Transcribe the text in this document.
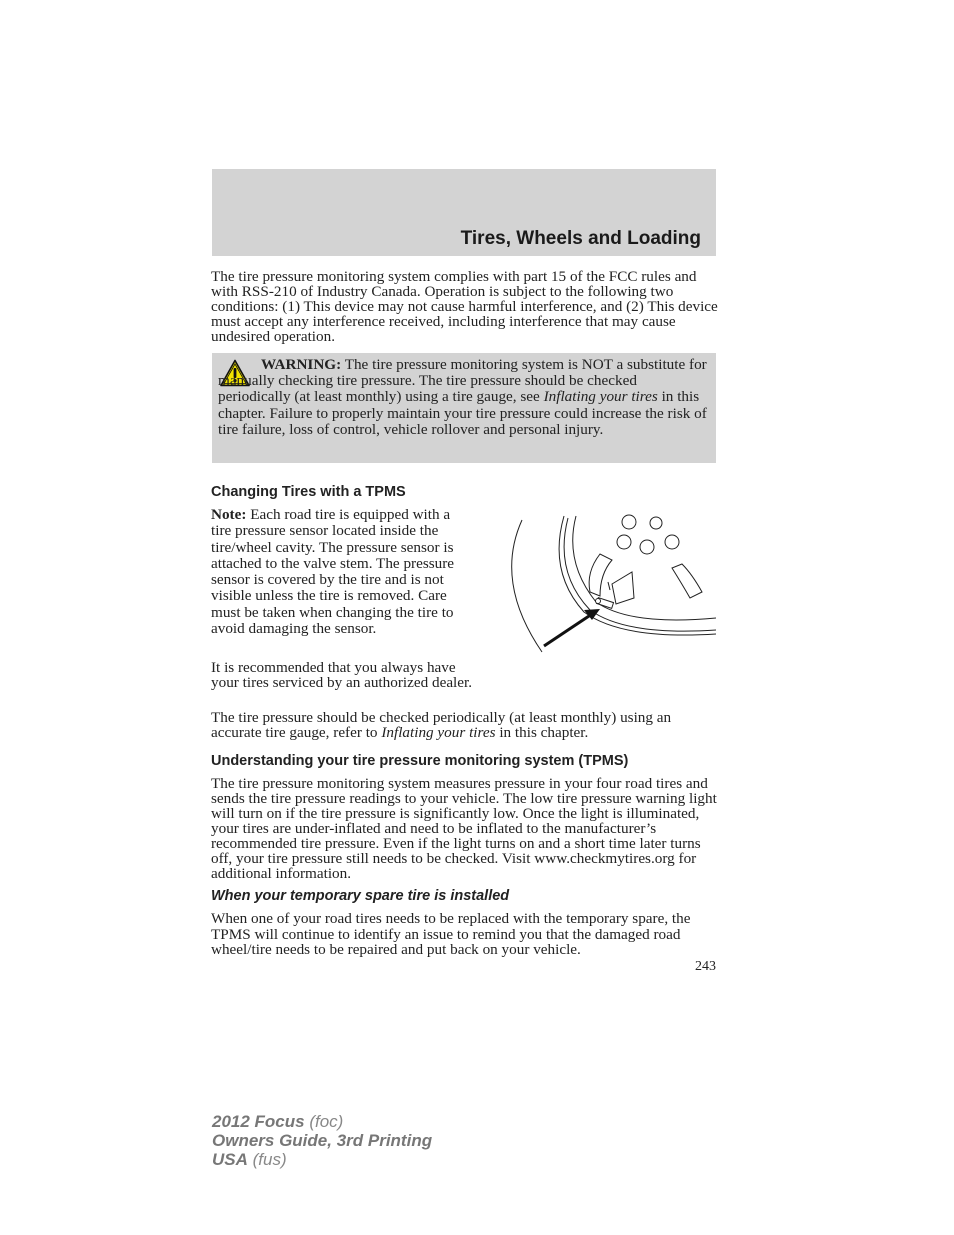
Tires, Wheels and Loading
The tire pressure monitoring system complies with part 15 of the FCC rules and with RSS-210 of Industry Canada. Operation is subject to the following two conditions: (1) This device may not cause harmful interference, and (2) This device must accept any interference received, including interference that may cause undesired operation.
WARNING: The tire pressure monitoring system is NOT a substitute for manually checking tire pressure. The tire pressure should be checked periodically (at least monthly) using a tire gauge, see Inflating your tires in this chapter. Failure to properly maintain your tire pressure could increase the risk of tire failure, loss of control, vehicle rollover and personal injury.
Changing Tires with a TPMS
Note: Each road tire is equipped with a tire pressure sensor located inside the tire/wheel cavity. The pressure sensor is attached to the valve stem. The pressure sensor is covered by the tire and is not visible unless the tire is removed. Care must be taken when changing the tire to avoid damaging the sensor.
It is recommended that you always have your tires serviced by an authorized dealer.
The tire pressure should be checked periodically (at least monthly) using an accurate tire gauge, refer to Inflating your tires in this chapter.
Understanding your tire pressure monitoring system (TPMS)
The tire pressure monitoring system measures pressure in your four road tires and sends the tire pressure readings to your vehicle. The low tire pressure warning light will turn on if the tire pressure is significantly low. Once the light is illuminated, your tires are under-inflated and need to be inflated to the manufacturer’s recommended tire pressure. Even if the light turns on and a short time later turns off, your tire pressure still needs to be checked. Visit www.checkmytires.org for additional information.
When your temporary spare tire is installed
When one of your road tires needs to be replaced with the temporary spare, the TPMS will continue to identify an issue to remind you that the damaged road wheel/tire needs to be repaired and put back on your vehicle.
243
2012 Focus (foc)
Owners Guide, 3rd Printing
USA (fus)
